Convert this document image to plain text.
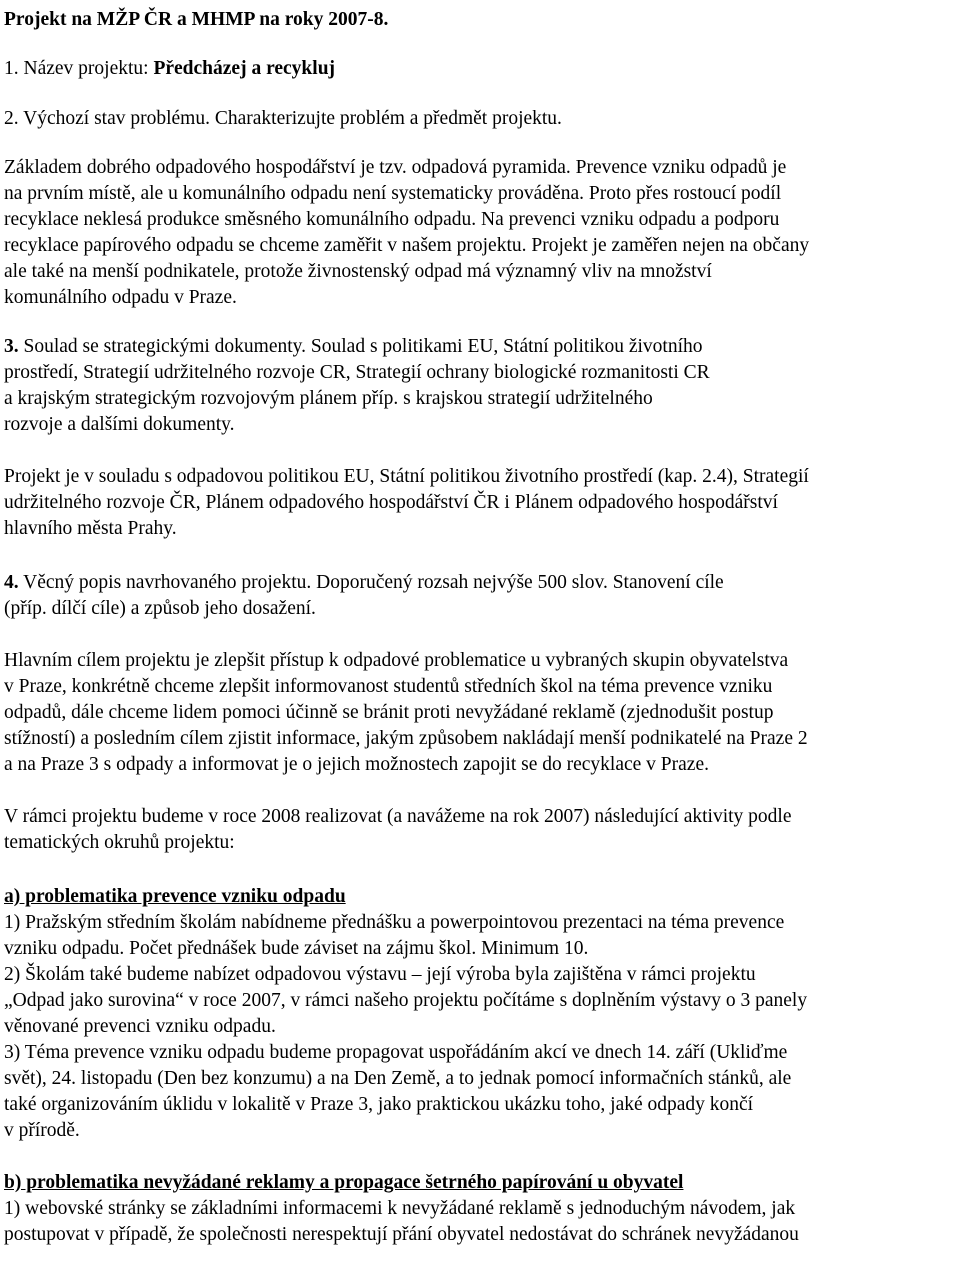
Projekt na MŽP ČR a MHMP na roky 2007-8.

1. Název projektu: Předcházej a recykluj

2. Výchozí stav problému. Charakterizujte problém a předmět projektu.

Základem dobrého odpadového hospodářství je tzv. odpadová pyramida. Prevence vzniku odpadů je

na prvním místě, ale u komunálního odpadu není systematicky prováděna. Proto přes rostoucí podíl

recyklace neklesá produkce směsného komunálního odpadu. Na prevenci vzniku odpadu a podporu

recyklace papírového odpadu se chceme zaměřit v našem projektu. Projekt je zaměřen nejen na občany

ale také na menší podnikatele, protože živnostenský odpad má významný vliv na množství

komunálního odpadu v Praze.

3. Soulad se strategickými dokumenty. Soulad s politikami EU, Státní politikou životního

prostředí, Strategií udržitelného rozvoje CR, Strategií ochrany biologické rozmanitosti CR

a krajským strategickým rozvojovým plánem příp. s krajskou strategií udržitelného

rozvoje a dalšími dokumenty.

Projekt je v souladu s odpadovou politikou EU, Státní politikou životního prostředí (kap. 2.4), Strategií

udržitelného rozvoje ČR, Plánem odpadového hospodářství ČR i Plánem odpadového hospodářství

hlavního města Prahy.

4. Věcný popis navrhovaného projektu. Doporučený rozsah nejvýše 500 slov. Stanovení cíle

(příp. dílčí cíle) a způsob jeho dosažení.

Hlavním cílem projektu je zlepšit přístup k odpadové problematice u vybraných skupin obyvatelstva

v Praze, konkrétně chceme zlepšit informovanost studentů středních škol na téma prevence vzniku

odpadů, dále chceme lidem pomoci účinně se bránit proti nevyžádané reklamě (zjednodušit postup

stížností) a posledním cílem zjistit informace, jakým způsobem nakládají menší podnikatelé na Praze 2

a na Praze 3 s odpady a informovat je o jejich možnostech zapojit se do recyklace v Praze.

V rámci projektu budeme v roce 2008 realizovat (a navážeme na rok 2007) následující aktivity podle

tematických okruhů projektu:

a) problematika prevence vzniku odpadu

1) Pražským středním školám nabídneme přednášku a powerpointovou prezentaci na téma prevence

vzniku odpadu. Počet přednášek bude záviset na zájmu škol. Minimum 10.

2) Školám také budeme nabízet odpadovou výstavu – její výroba byla zajištěna v rámci projektu

„Odpad jako surovina“ v roce 2007, v rámci našeho projektu počítáme s doplněním výstavy o 3 panely

věnované prevenci vzniku odpadu.

3) Téma prevence vzniku odpadu budeme propagovat uspořádáním akcí ve dnech 14. září (Ukliďme

svět), 24. listopadu (Den bez konzumu) a na Den Země, a to jednak pomocí informačních stánků, ale

také organizováním úklidu v lokalitě v Praze 3, jako praktickou ukázku toho, jaké odpady končí

v přírodě.

b) problematika nevyžádané reklamy a propagace šetrného papírování u obyvatel

1) webovské stránky se základními informacemi k nevyžádané reklamě s jednoduchým návodem, jak

postupovat v případě, že společnosti nerespektují přání obyvatel nedostávat do schránek nevyžádanou
